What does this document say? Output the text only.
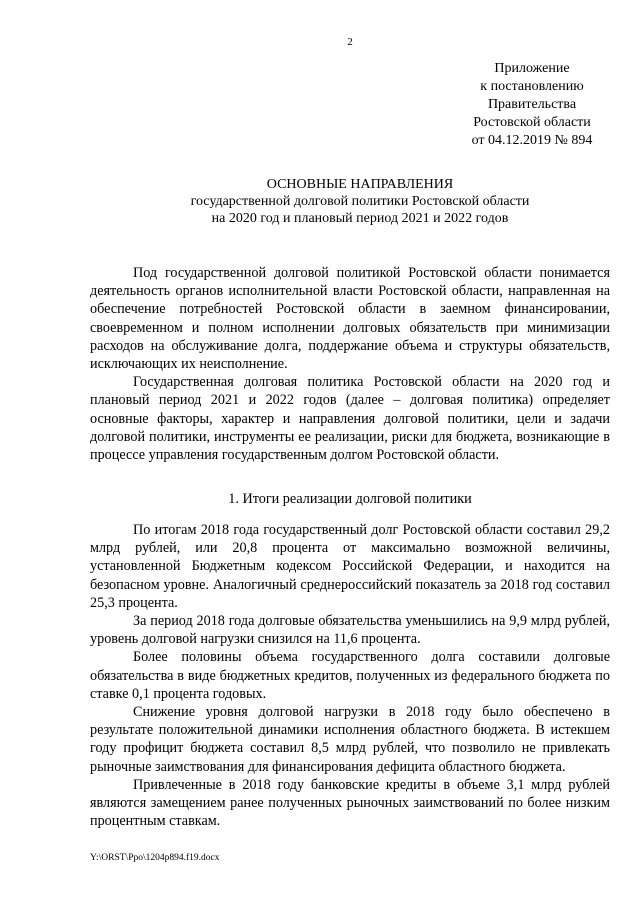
2
Приложение
к постановлению
Правительства
Ростовской области
от 04.12.2019 № 894
ОСНОВНЫЕ НАПРАВЛЕНИЯ
государственной долговой политики Ростовской области
на 2020 год и плановый период 2021 и 2022 годов

Под государственной долговой политикой Ростовской области понимается деятельность органов исполнительной власти Ростовской области, направленная на обеспечение потребностей Ростовской области в заемном финансировании, своевременном и полном исполнении долговых обязательств при минимизации расходов на обслуживание долга, поддержание объема и структуры обязательств, исключающих их неисполнение.

Государственная долговая политика Ростовской области на 2020 год и плановый период 2021 и 2022 годов (далее – долговая политика) определяет основные факторы, характер и направления долговой политики, цели и задачи долговой политики, инструменты ее реализации, риски для бюджета, возникающие в процессе управления государственным долгом Ростовской области.

1. Итоги реализации долговой политики

По итогам 2018 года государственный долг Ростовской области составил 29,2 млрд рублей, или 20,8 процента от максимально возможной величины, установленной Бюджетным кодексом Российской Федерации, и находится на безопасном уровне. Аналогичный среднероссийский показатель за 2018 год составил 25,3 процента.

За период 2018 года долговые обязательства уменьшились на 9,9 млрд рублей, уровень долговой нагрузки снизился на 11,6 процента.

Более половины объема государственного долга составили долговые обязательства в виде бюджетных кредитов, полученных из федерального бюджета по ставке 0,1 процента годовых.

Снижение уровня долговой нагрузки в 2018 году было обеспечено в результате положительной динамики исполнения областного бюджета. В истекшем году профицит бюджета составил 8,5 млрд рублей, что позволило не привлекать рыночные заимствования для финансирования дефицита областного бюджета.

Привлеченные в 2018 году банковские кредиты в объеме 3,1 млрд рублей являются замещением ранее полученных рыночных заимствований по более низким процентным ставкам.

Y:\ORST\Ppo\1204p894.f19.docx
